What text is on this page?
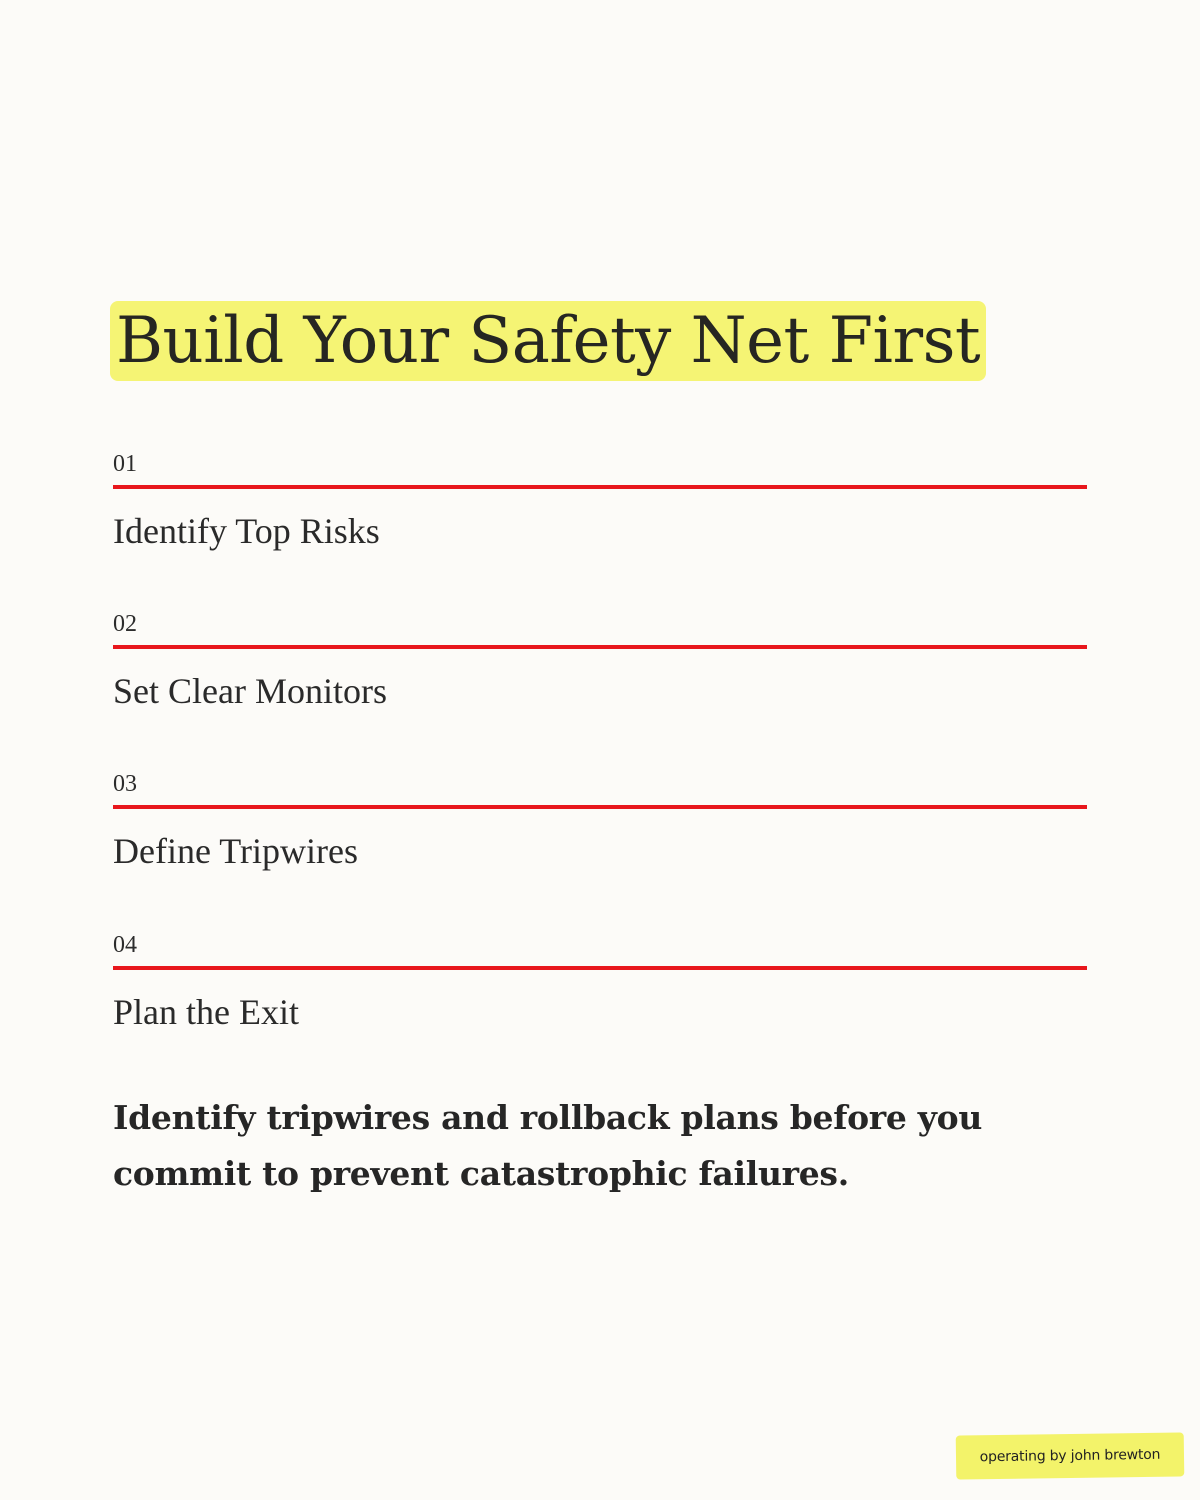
Build Your Safety Net First
01
Identify Top Risks
02
Set Clear Monitors
03
Define Tripwires
04
Plan the Exit
Identify tripwires and rollback plans before you commit to prevent catastrophic failures.
operating by john brewton
